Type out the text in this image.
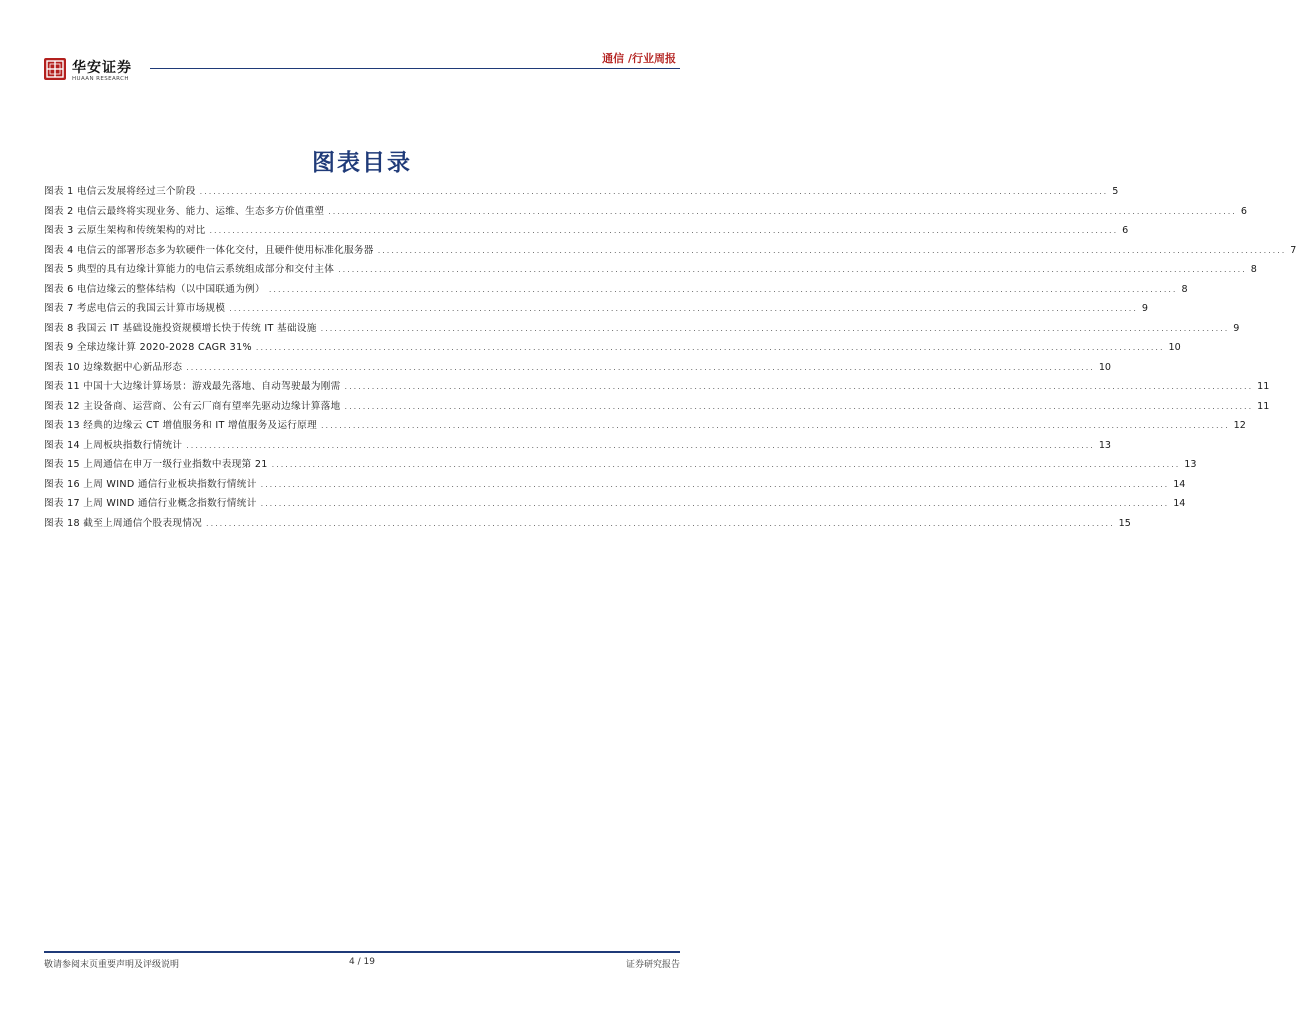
华安证券
HUAAN RESEARCH
通信 /行业周报
图表目录
图表 1 电信云发展将经过三个阶段 ........................................................................................................................................................................................................ 5
图表 2 电信云最终将实现业务、能力、运维、生态多方价值重塑 ........................................................................................................................................................................................................ 6
图表 3 云原生架构和传统架构的对比 ........................................................................................................................................................................................................ 6
图表 4 电信云的部署形态多为软硬件一体化交付，且硬件使用标准化服务器 ........................................................................................................................................................................................................ 7
图表 5 典型的具有边缘计算能力的电信云系统组成部分和交付主体 ........................................................................................................................................................................................................ 8
图表 6 电信边缘云的整体结构（以中国联通为例） ........................................................................................................................................................................................................ 8
图表 7 考虑电信云的我国云计算市场规模 ........................................................................................................................................................................................................ 9
图表 8 我国云 IT 基础设施投资规模增长快于传统 IT 基础设施 ........................................................................................................................................................................................................ 9
图表 9 全球边缘计算 2020-2028 CAGR 31% ........................................................................................................................................................................................................ 10
图表 10 边缘数据中心新品形态 ........................................................................................................................................................................................................ 10
图表 11 中国十大边缘计算场景：游戏最先落地、自动驾驶最为刚需 ........................................................................................................................................................................................................ 11
图表 12 主设备商、运营商、公有云厂商有望率先驱动边缘计算落地 ........................................................................................................................................................................................................ 11
图表 13 经典的边缘云 CT 增值服务和 IT 增值服务及运行原理 ........................................................................................................................................................................................................ 12
图表 14 上周板块指数行情统计 ........................................................................................................................................................................................................ 13
图表 15 上周通信在申万一级行业指数中表现第 21 ........................................................................................................................................................................................................ 13
图表 16 上周 WIND 通信行业板块指数行情统计 ........................................................................................................................................................................................................ 14
图表 17 上周 WIND 通信行业概念指数行情统计 ........................................................................................................................................................................................................ 14
图表 18 截至上周通信个股表现情况 ........................................................................................................................................................................................................ 15
敬请参阅末页重要声明及评级说明	4 / 19	证券研究报告
